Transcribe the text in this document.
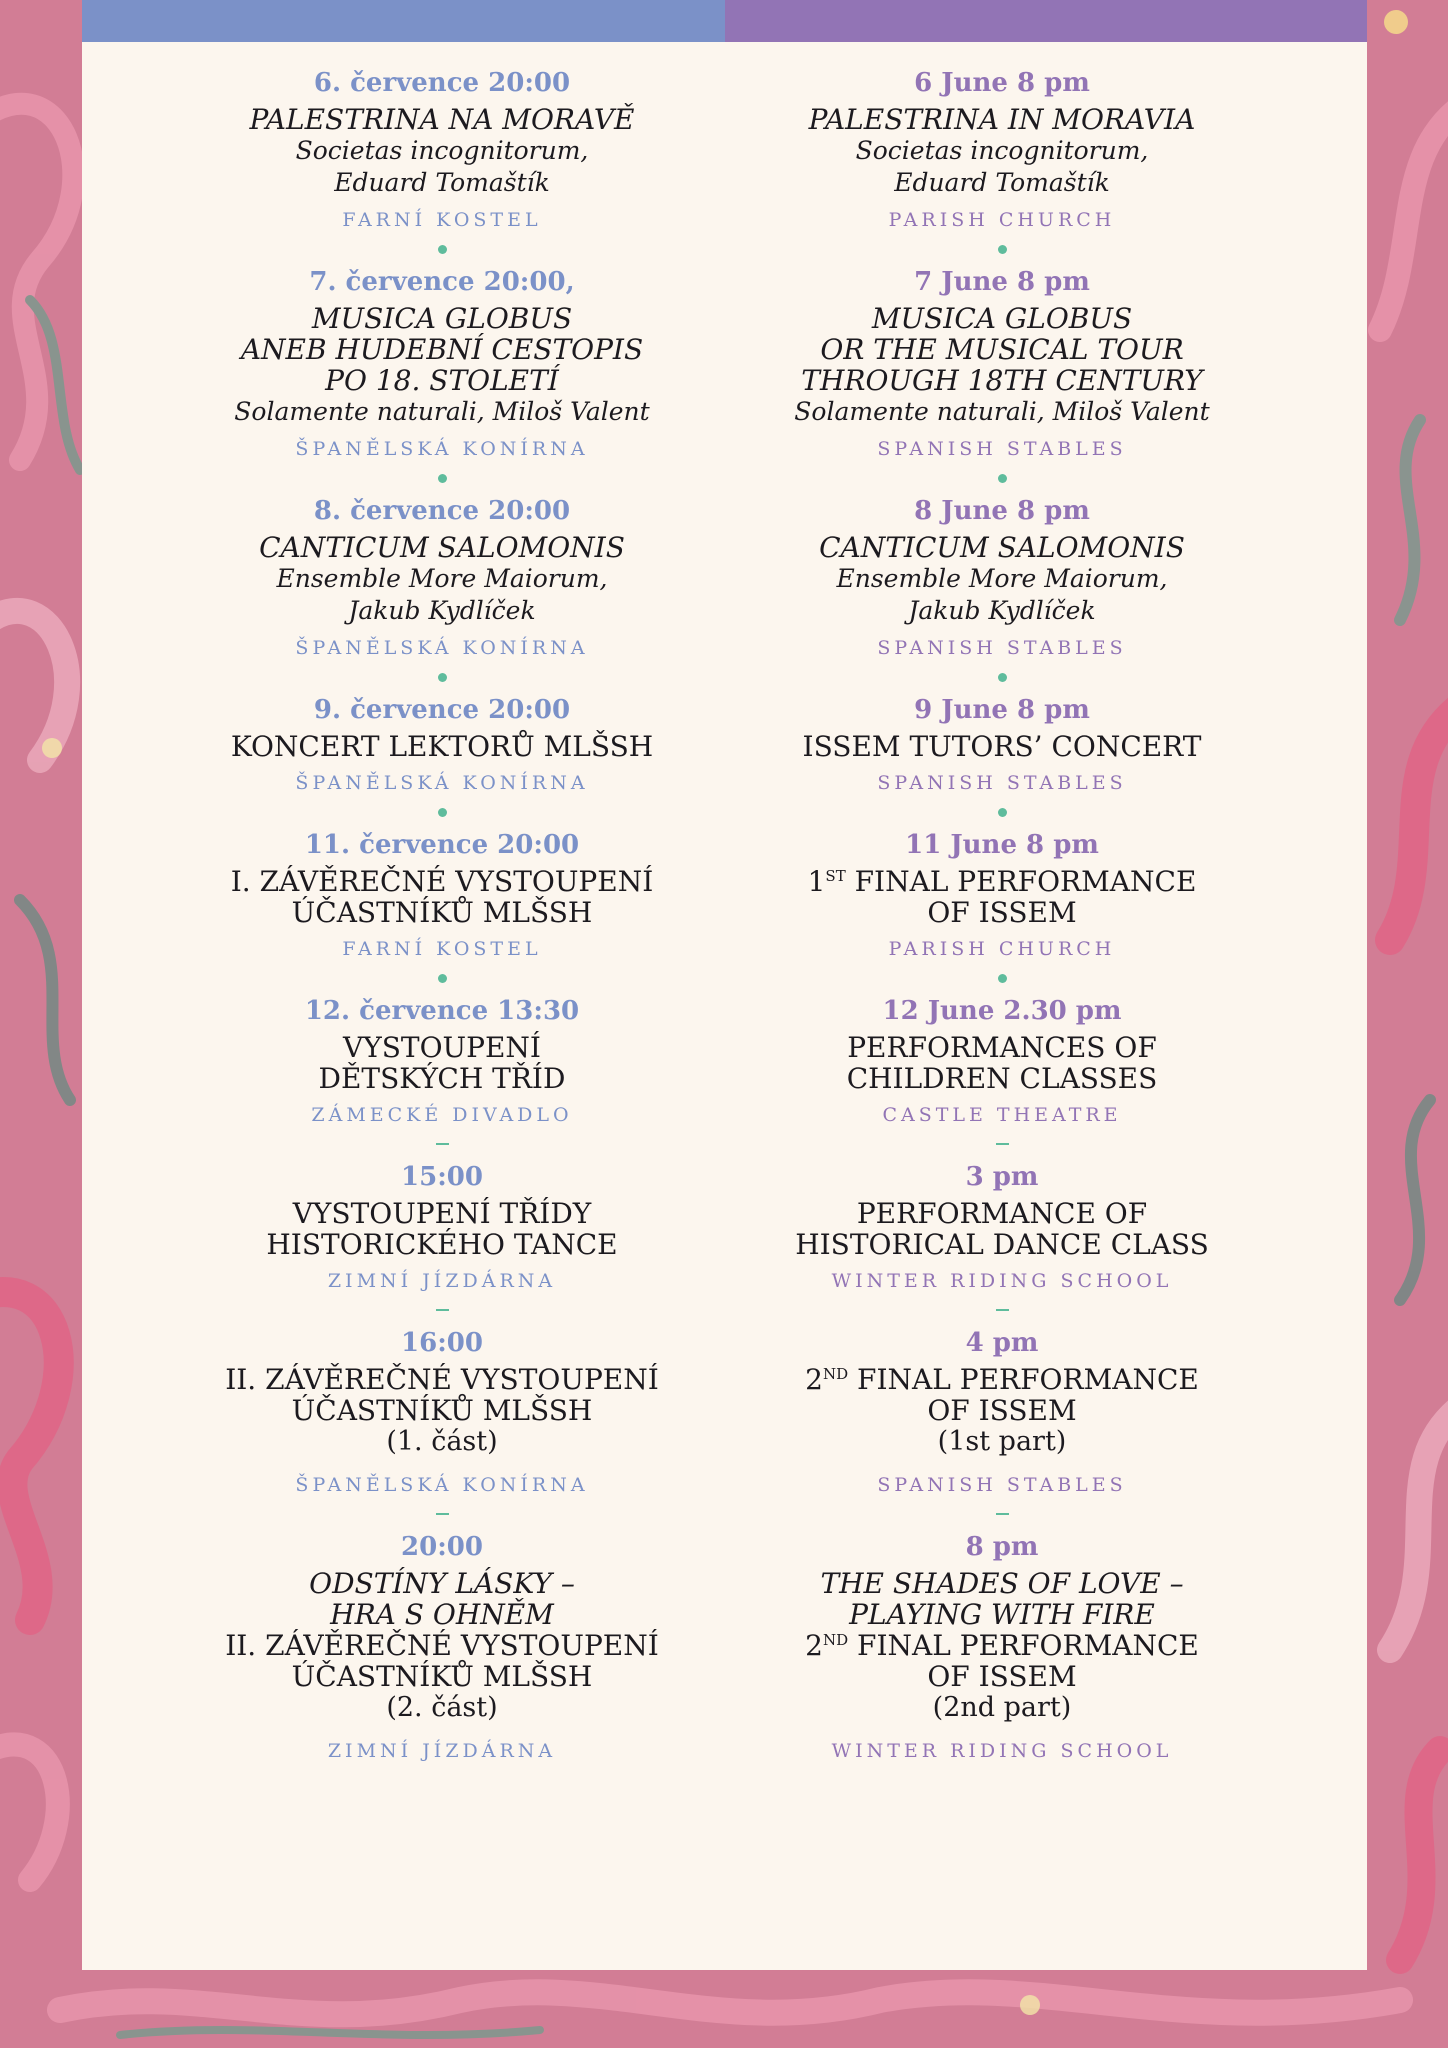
6. července 20:00
PALESTRINA NA MORAVĚ
Societas incognitorum,
Eduard Tomaštík
FARNÍ KOSTEL
7. července 20:00,
MUSICA GLOBUS
ANEB HUDEBNÍ CESTOPIS
PO 18. STOLETÍ
Solamente naturali, Miloš Valent
ŠPANĚLSKÁ KONÍRNA
8. července 20:00
CANTICUM SALOMONIS
Ensemble More Maiorum,
Jakub Kydlíček
ŠPANĚLSKÁ KONÍRNA
9. července 20:00
KONCERT LEKTORŮ MLŠSH
ŠPANĚLSKÁ KONÍRNA
11. července 20:00
I. ZÁVĚREČNÉ VYSTOUPENÍ
ÚČASTNÍKŮ MLŠSH
FARNÍ KOSTEL
12. července 13:30
VYSTOUPENÍ
DĚTSKÝCH TŘÍD
ZÁMECKÉ DIVADLO
15:00
VYSTOUPENÍ TŘÍDY
HISTORICKÉHO TANCE
ZIMNÍ JÍZDÁRNA
16:00
II. ZÁVĚREČNÉ VYSTOUPENÍ
ÚČASTNÍKŮ MLŠSH
(1. část)
ŠPANĚLSKÁ KONÍRNA
20:00
ODSTÍNY LÁSKY –
HRA S OHNĚM
II. ZÁVĚREČNÉ VYSTOUPENÍ
ÚČASTNÍKŮ MLŠSH
(2. část)
ZIMNÍ JÍZDÁRNA
6 June 8 pm
PALESTRINA IN MORAVIA
Societas incognitorum,
Eduard Tomaštík
PARISH CHURCH
7 June 8 pm
MUSICA GLOBUS
OR THE MUSICAL TOUR
THROUGH 18TH CENTURY
Solamente naturali, Miloš Valent
SPANISH STABLES
8 June 8 pm
CANTICUM SALOMONIS
Ensemble More Maiorum,
Jakub Kydlíček
SPANISH STABLES
9 June 8 pm
ISSEM TUTORS’ CONCERT
SPANISH STABLES
11 June 8 pm
1ST FINAL PERFORMANCE
OF ISSEM
PARISH CHURCH
12 June 2.30 pm
PERFORMANCES OF
CHILDREN CLASSES
CASTLE THEATRE
3 pm
PERFORMANCE OF
HISTORICAL DANCE CLASS
WINTER RIDING SCHOOL
4 pm
2ND FINAL PERFORMANCE
OF ISSEM
(1st part)
SPANISH STABLES
8 pm
THE SHADES OF LOVE –
PLAYING WITH FIRE
2ND FINAL PERFORMANCE
OF ISSEM
(2nd part)
WINTER RIDING SCHOOL
